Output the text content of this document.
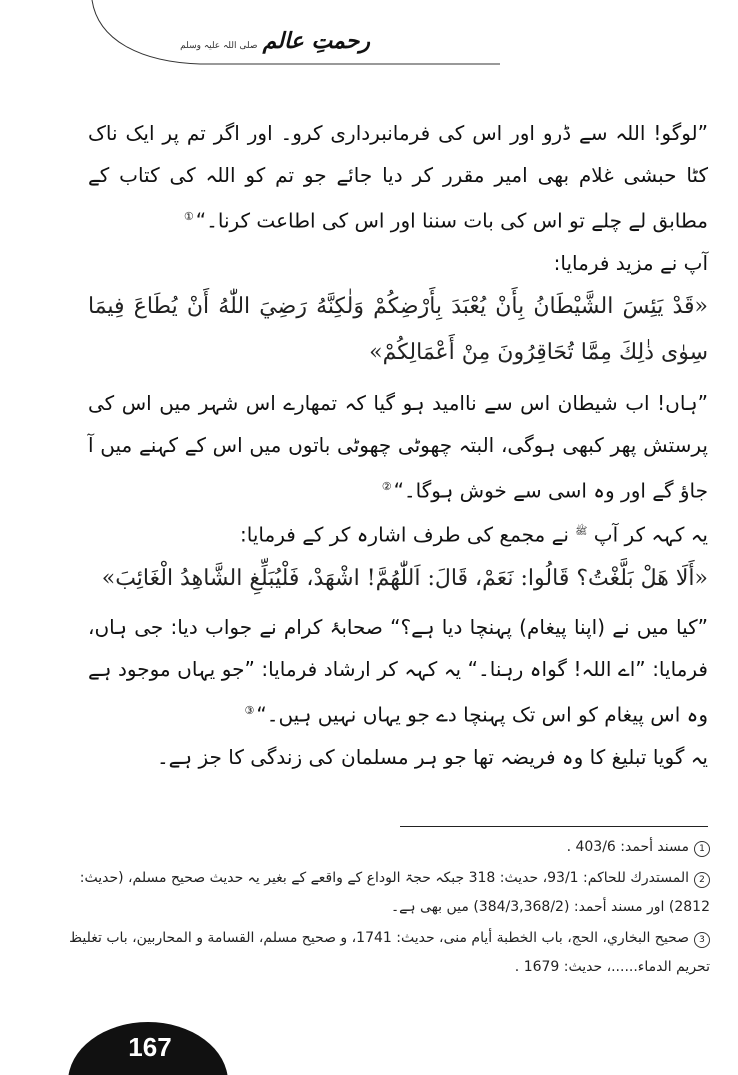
رحمتِ عالم صلی اللہ علیہ وسلم

”لوگو! اللہ سے ڈرو اور اس کی فرمانبرداری کرو۔ اور اگر تم پر ایک ناک کٹا حبشی غلام بھی امیر مقرر کر دیا جائے جو تم کو اللہ کی کتاب کے مطابق لے چلے تو اس کی بات سننا اور اس کی اطاعت کرنا۔“①

آپ نے مزید فرمایا:

«قَدْ يَئِسَ الشَّيْطَانُ بِأَنْ يُعْبَدَ بِأَرْضِكُمْ وَلٰكِنَّهُ رَضِيَ اللّٰهُ أَنْ يُطَاعَ فِيمَا سِوٰى ذٰلِكَ مِمَّا تُحَاقِرُونَ مِنْ أَعْمَالِكُمْ»

”ہاں! اب شیطان اس سے ناامید ہو گیا کہ تمھارے اس شہر میں اس کی پرستش پھر کبھی ہوگی، البتہ چھوٹی چھوٹی باتوں میں اس کے کہنے میں آ جاؤ گے اور وہ اسی سے خوش ہوگا۔“②

یہ کہہ کر آپ $^ﷺ$ نے مجمع کی طرف اشارہ کر کے فرمایا:

«أَلَا هَلْ بَلَّغْتُ؟ قَالُوا: نَعَمْ، قَالَ: اَللّٰهُمَّ! اشْهَدْ، فَلْيُبَلِّغِ الشَّاهِدُ الْغَائِبَ»

”کیا میں نے (اپنا پیغام) پہنچا دیا ہے؟“ صحابۂ کرام نے جواب دیا: جی ہاں، فرمایا: ”اے اللہ! گواہ رہنا۔“ یہ کہہ کر ارشاد فرمایا: ”جو یہاں موجود ہے وہ اس پیغام کو اس تک پہنچا دے جو یہاں نہیں ہیں۔“③

یہ گویا تبلیغ کا وہ فریضہ تھا جو ہر مسلمان کی زندگی کا جز ہے۔

1مسند أحمد: 403/6 .

2المستدرك للحاكم: 93/1، حديث: 318 جبکہ حجۃ الوداع کے واقعے کے بغیر یہ حدیث صحیح مسلم، (حدیث: 2812) اور مسند أحمد: (384/3,368/2) میں بھی ہے۔

3صحيح البخاري، الحج، باب الخطبة أيام منى، حديث: 1741، و صحيح مسلم، القسامة و المحاربين، باب تغليظ تحريم الدماء......، حديث: 1679 .

167
